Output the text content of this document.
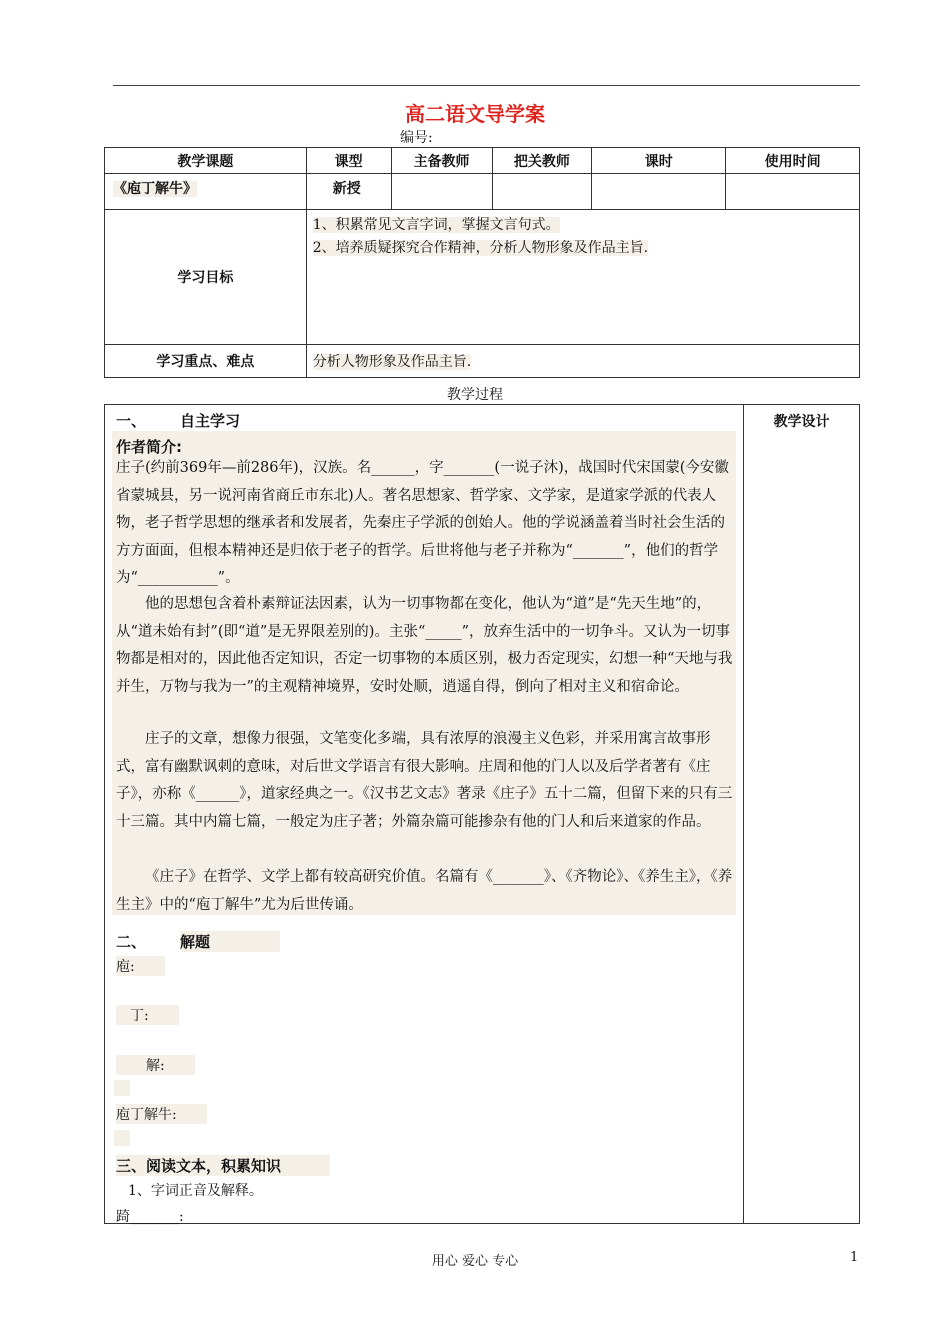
高二语文导学案
编号:
教学课题	课型	主备教师	把关教师	课时	使用时间
《庖丁解牛》	新授				
学习目标	1、积累常见文言字词，掌握文言句式。
2、培养质疑探究合作精神，分析人物形象及作品主旨.				

学习重点、难点	分析人物形象及作品主旨.				
教学过程
	教学设计
一、 自主学习
作者简介:
庄子(约前369年—前286年)，汉族。名______，字_______(一说子沐)，战国时代宋国蒙(今安徽省蒙城县，另一说河南省商丘市东北)人。著名思想家、哲学家、文学家，是道家学派的代表人物，老子哲学思想的继承者和发展者，先秦庄子学派的创始人。他的学说涵盖着当时社会生活的方方面面，但根本精神还是归依于老子的哲学。后世将他与老子并称为“_______”，他们的哲学为“___________”。
他的思想包含着朴素辩证法因素，认为一切事物都在变化，他认为“道”是“先天生地”的，从“道未始有封”(即“道”是无界限差别的)。主张“_____”，放弃生活中的一切争斗。又认为一切事物都是相对的，因此他否定知识，否定一切事物的本质区别，极力否定现实，幻想一种“天地与我并生，万物与我为一”的主观精神境界，安时处顺，逍遥自得，倒向了相对主义和宿命论。
庄子的文章，想像力很强，文笔变化多端，具有浓厚的浪漫主义色彩，并采用寓言故事形式，富有幽默讽刺的意味，对后世文学语言有很大影响。庄周和他的门人以及后学者著有《庄子》，亦称《______》，道家经典之一。《汉书艺文志》著录《庄子》五十二篇，但留下来的只有三十三篇。其中内篇七篇，一般定为庄子著；外篇杂篇可能掺杂有他的门人和后来道家的作品。
《庄子》在哲学、文学上都有较高研究价值。名篇有《_______》、《齐物论》、《养生主》，《养生主》中的“庖丁解牛”尤为后世传诵。
二、 解题
庖:
丁:
解:
庖丁解牛:
三、阅读文本，积累知识
1、字词正音及解释。
踦_______:
用心 爱心 专心	1
